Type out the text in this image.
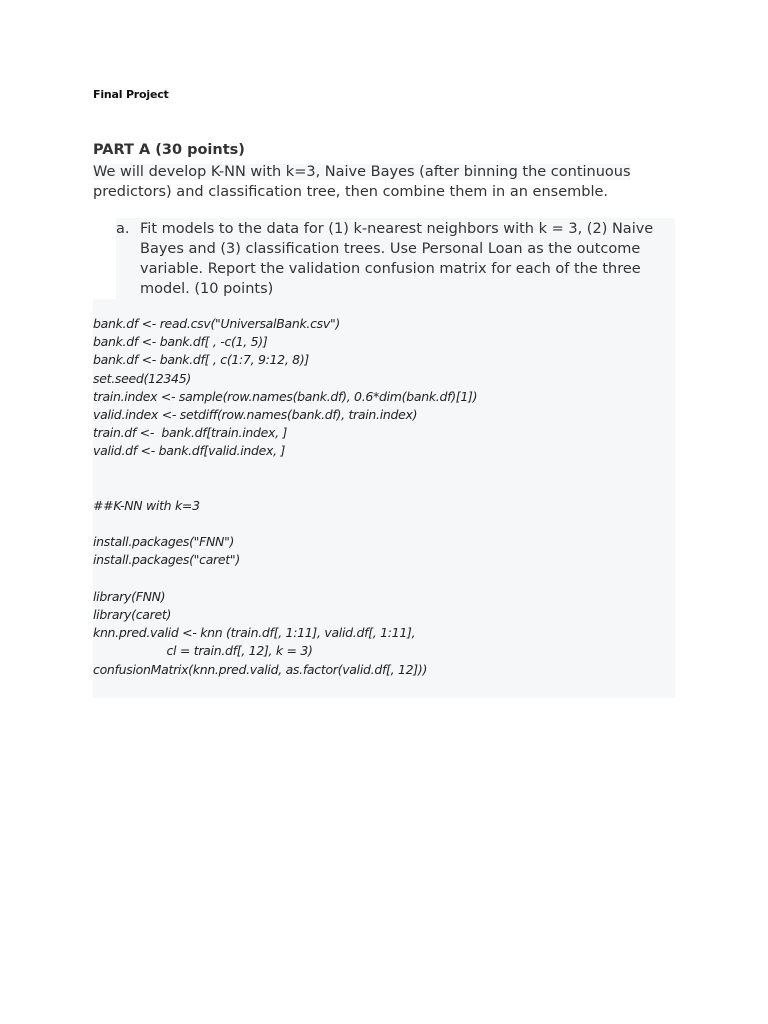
Final Project
PART A (30 points)
We will develop K-NN with k=3, Naive Bayes (after binning the continuous
predictors) and classification tree, then combine them in an ensemble.
a. Fit models to the data for (1) k-nearest neighbors with k = 3, (2) Naive
Bayes and (3) classification trees. Use Personal Loan as the outcome
variable. Report the validation confusion matrix for each of the three
model. (10 points)
bank.df <- read.csv("UniversalBank.csv")
bank.df <- bank.df[ , -c(1, 5)]
bank.df <- bank.df[ , c(1:7, 9:12, 8)]
set.seed(12345)
train.index <- sample(row.names(bank.df), 0.6*dim(bank.df)[1])
valid.index <- setdiff(row.names(bank.df), train.index)
train.df <-  bank.df[train.index, ]
valid.df <- bank.df[valid.index, ]
##K-NN with k=3
install.packages("FNN")
install.packages("caret")
library(FNN)
library(caret)
knn.pred.valid <- knn (train.df[, 1:11], valid.df[, 1:11],
cl = train.df[, 12], k = 3)
confusionMatrix(knn.pred.valid, as.factor(valid.df[, 12]))
